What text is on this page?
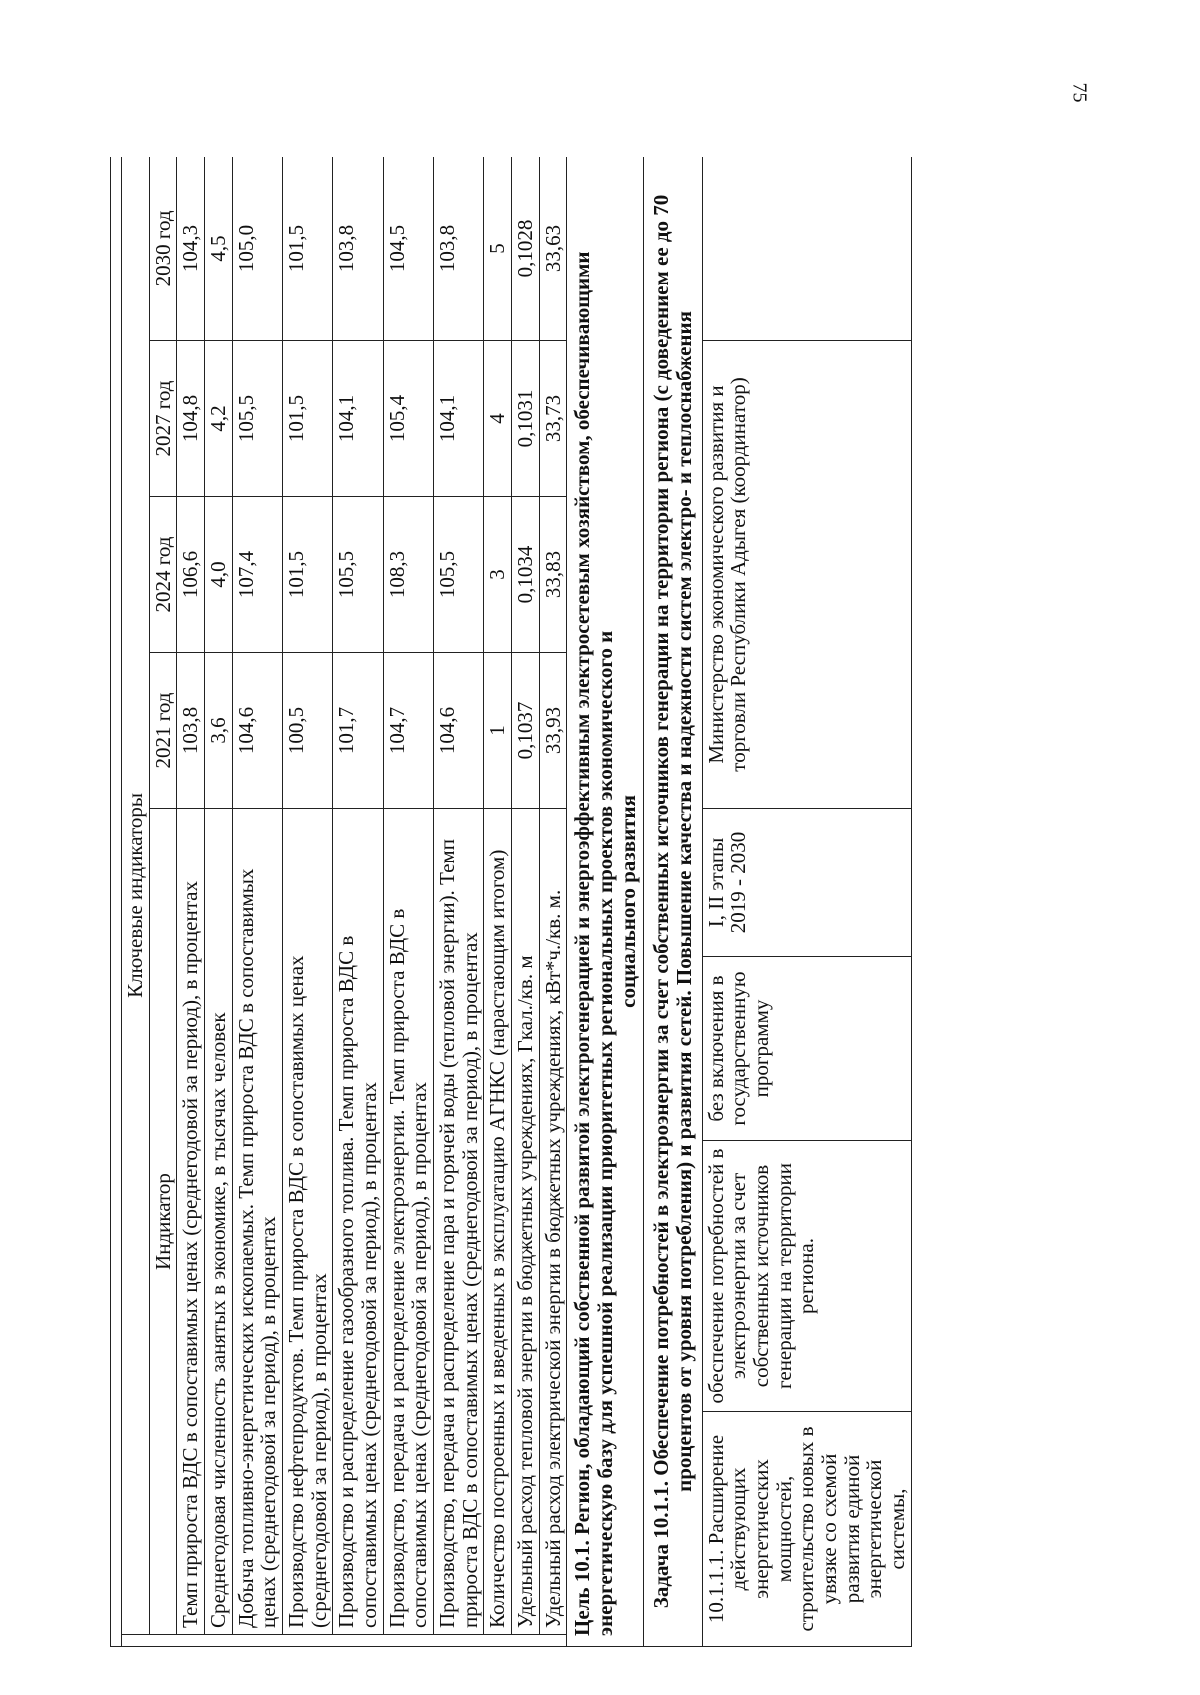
75

	Ключевые индикаторы							
	Индикатор				2021 год	2024 год	2027 год	2030 год
	Темп прироста ВДС в сопоставимых ценах (среднегодовой за период), в процентах				103,8	106,6	104,8	104,3
	Среднегодовая численность занятых в экономике, в тысячах человек				3,6	4,0	4,2	4,5
	Добыча топливно-энергетических ископаемых. Темп прироста ВДС в сопоставимых ценах (среднегодовой за период), в процентах				104,6	107,4	105,5	105,0
	Производство нефтепродуктов. Темп прироста ВДС в сопоставимых ценах (среднегодовой за период), в процентах				100,5	101,5	101,5	101,5
	Производство и распределение газообразного топлива. Темп прироста ВДС в сопоставимых ценах (среднегодовой за период), в процентах				101,7	105,5	104,1	103,8
	Производство, передача и распределение электроэнергии. Темп прироста ВДС в сопоставимых ценах (среднегодовой за период), в процентах				104,7	108,3	105,4	104,5
	Производство, передача и распределение пара и горячей воды (тепловой энергии). Темп прироста ВДС в сопоставимых ценах (среднегодовой за период), в процентах				104,6	105,5	104,1	103,8
	Количество построенных и введенных в эксплуатацию АГНКС (нарастающим итогом)				1	3	4	5
	Удельный расход тепловой энергии в бюджетных учреждениях, Гкал./кв. м				0,1037	0,1034	0,1031	0,1028
	Удельный расход электрической энергии в бюджетных учреждениях, кВт*ч./кв. м.				33,93	33,83	33,73	33,63

Цель 10.1. Регион, обладающий собственной развитой электрогенерацией и энергоэффективным электросетевым хозяйством, обеспечивающими энергетическую базу для успешной реализации приоритетных региональных проектов экономического и
социального развития								

Задача 10.1.1. Обеспечение потребностей в электроэнергии за счет собственных источников генерации на территории региона (с доведением ее до 70 процентов от уровня потребления) и развития сетей. Повышение качества и надежности систем электро- и теплоснабжения								
10.1.1.1. Расширение действующих энергетических мощностей, строительство новых в увязке со схемой развития единой энергетической системы,		обеспечение потребностей в электроэнергии за счет собственных источников генерации на территории региона.	без включения в государственную программу	I, II этапы
2019 - 2030	Министерство экономического развития и торговли Республики Адыгея (координатор)			
